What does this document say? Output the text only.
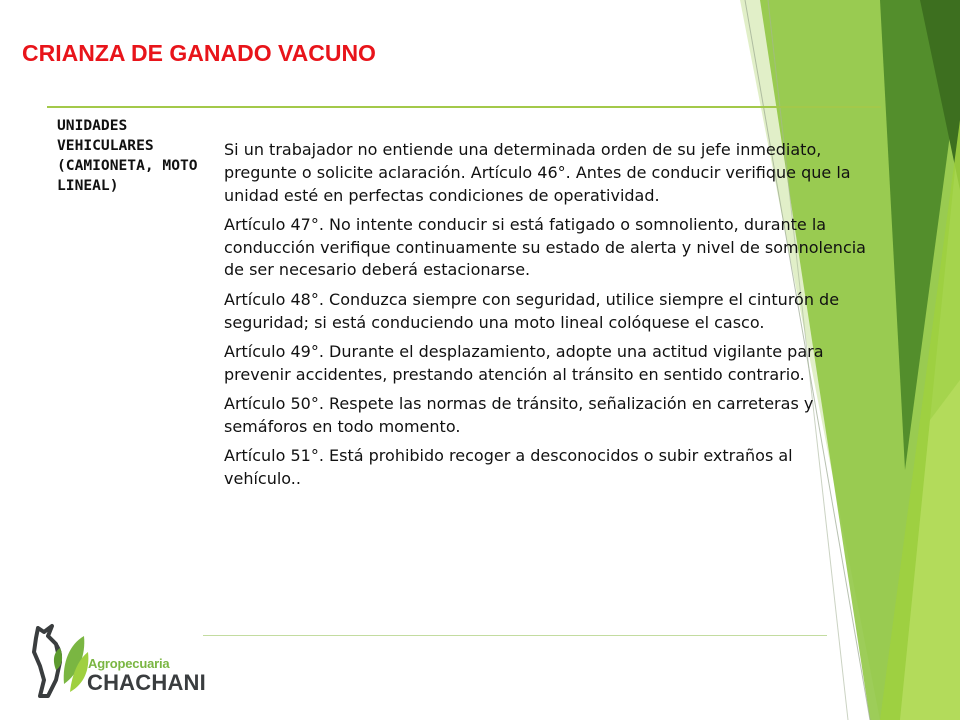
CRIANZA DE GANADO VACUNO
UNIDADES VEHICULARES (CAMIONETA, MOTO LINEAL)

Si un trabajador no entiende una determinada orden de su jefe inmediato, pregunte o solicite aclaración. Artículo 46°. Antes de conducir verifique que la unidad esté en perfectas condiciones de operatividad.

Artículo 47°. No intente conducir si está fatigado o somnoliento, durante la conducción verifique continuamente su estado de alerta y nivel de somnolencia de ser necesario deberá estacionarse.

Artículo 48°. Conduzca siempre con seguridad, utilice siempre el cinturón de seguridad; si está conduciendo una moto lineal colóquese el casco.

Artículo 49°. Durante el desplazamiento, adopte una actitud vigilante para prevenir accidentes, prestando atención al tránsito en sentido contrario.

Artículo 50°. Respete las normas de tránsito, señalización en carreteras y semáforos en todo momento.

Artículo 51°. Está prohibido recoger a desconocidos o subir extraños al vehículo..

Agropecuaria
CHACHANI
